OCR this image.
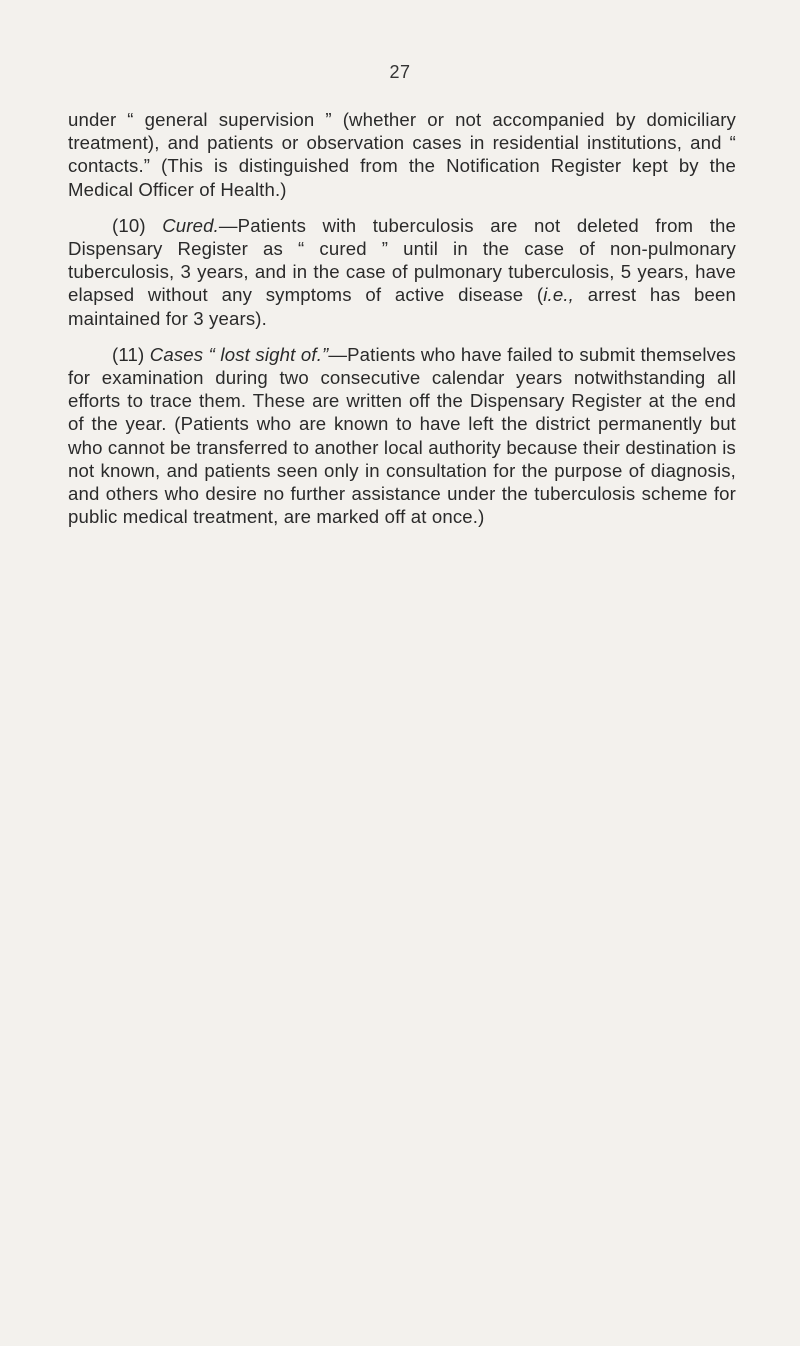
27

under “ general supervision ” (whether or not accompanied by domiciliary treatment), and patients or observation cases in residential institutions, and “ contacts.” (This is distinguished from the Notification Register kept by the Medical Officer of Health.)

(10) Cured.—Patients with tuberculosis are not deleted from the Dispensary Register as “ cured ” until in the case of non-pulmonary tuberculosis, 3 years, and in the case of pulmonary tuberculosis, 5 years, have elapsed without any symptoms of active disease (i.e., arrest has been maintained for 3 years).

(11) Cases “ lost sight of.”—Patients who have failed to submit themselves for examination during two consecutive calendar years notwithstanding all efforts to trace them. These are written off the Dispensary Register at the end of the year. (Patients who are known to have left the district permanently but who cannot be transferred to another local authority because their destination is not known, and patients seen only in consultation for the purpose of diagnosis, and others who desire no further assistance under the tuberculosis scheme for public medical treatment, are marked off at once.)
